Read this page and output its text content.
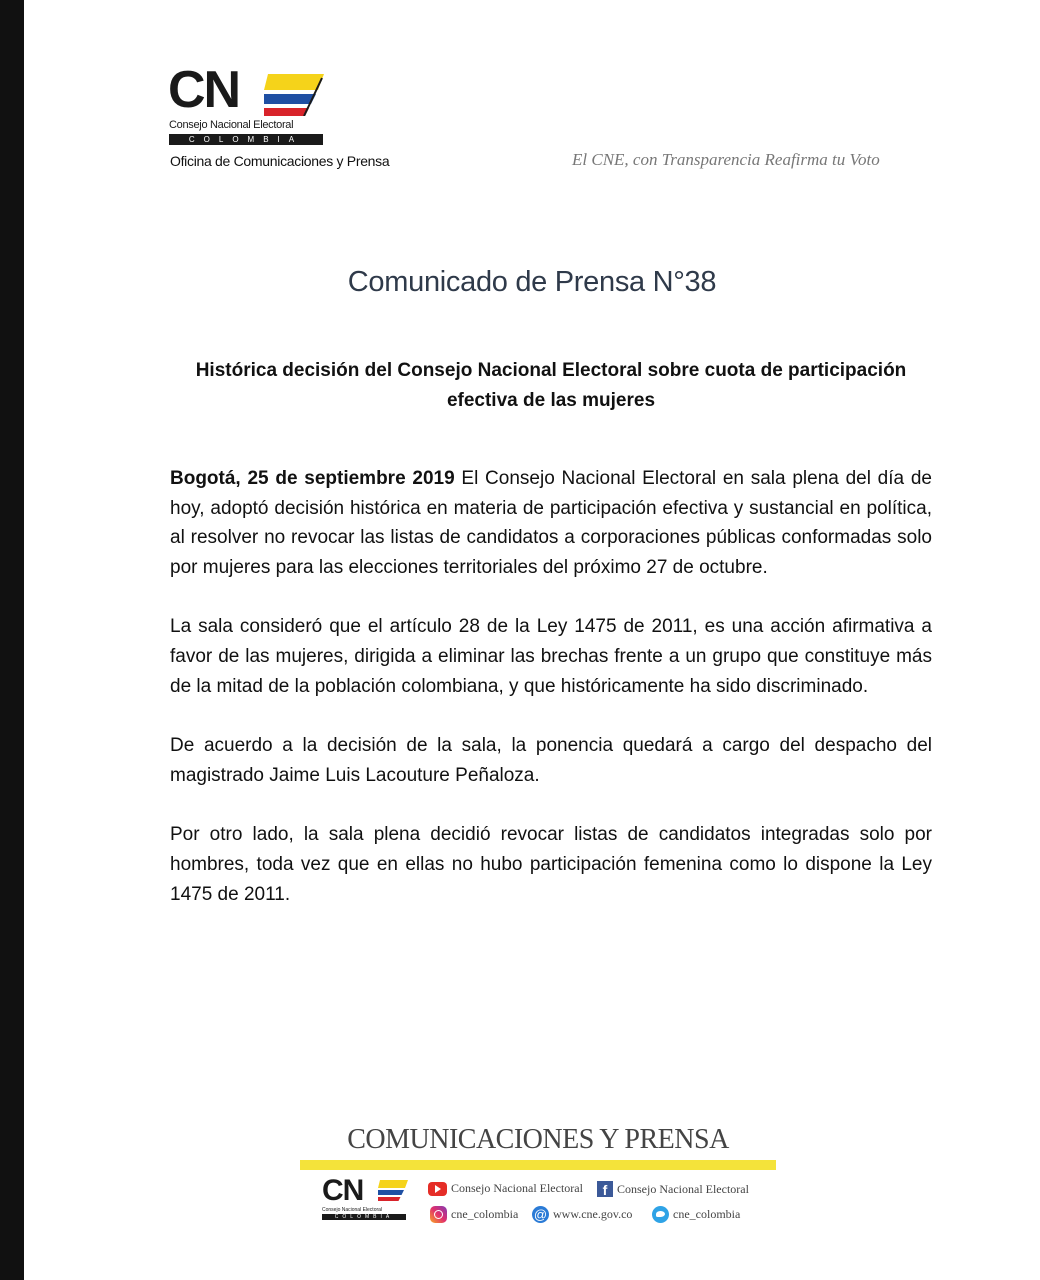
CN
Consejo Nacional Electoral
COLOMBIA
Oficina de Comunicaciones y Prensa	El CNE, con Transparencia Reafirma tu Voto
Comunicado de Prensa N°38
Histórica decisión del Consejo Nacional Electoral sobre cuota de participación efectiva de las mujeres

Bogotá, 25 de septiembre 2019 El Consejo Nacional Electoral en sala plena del día de hoy, adoptó decisión histórica en materia de participación efectiva y sustancial en política, al resolver no revocar las listas de candidatos a corporaciones públicas conformadas solo por mujeres para las elecciones territoriales del próximo 27 de octubre.

La sala consideró que el artículo 28 de la Ley 1475 de 2011, es una acción afirmativa a favor de las mujeres, dirigida a eliminar las brechas frente a un grupo que constituye más de la mitad de la población colombiana, y que históricamente ha sido discriminado.

De acuerdo a la decisión de la sala, la ponencia quedará a cargo del despacho del magistrado Jaime Luis Lacouture Peñaloza.

Por otro lado, la sala plena decidió revocar listas de candidatos integradas solo por hombres, toda vez que en ellas no hubo participación femenina como lo dispone la Ley 1475 de 2011.

COMUNICACIONES Y PRENSA
CN
Consejo Nacional Electoral
COLOMBIA
Consejo Nacional Electoral	f Consejo Nacional Electoral
cne_colombia @ www.cne.gov.co	cne_colombia
